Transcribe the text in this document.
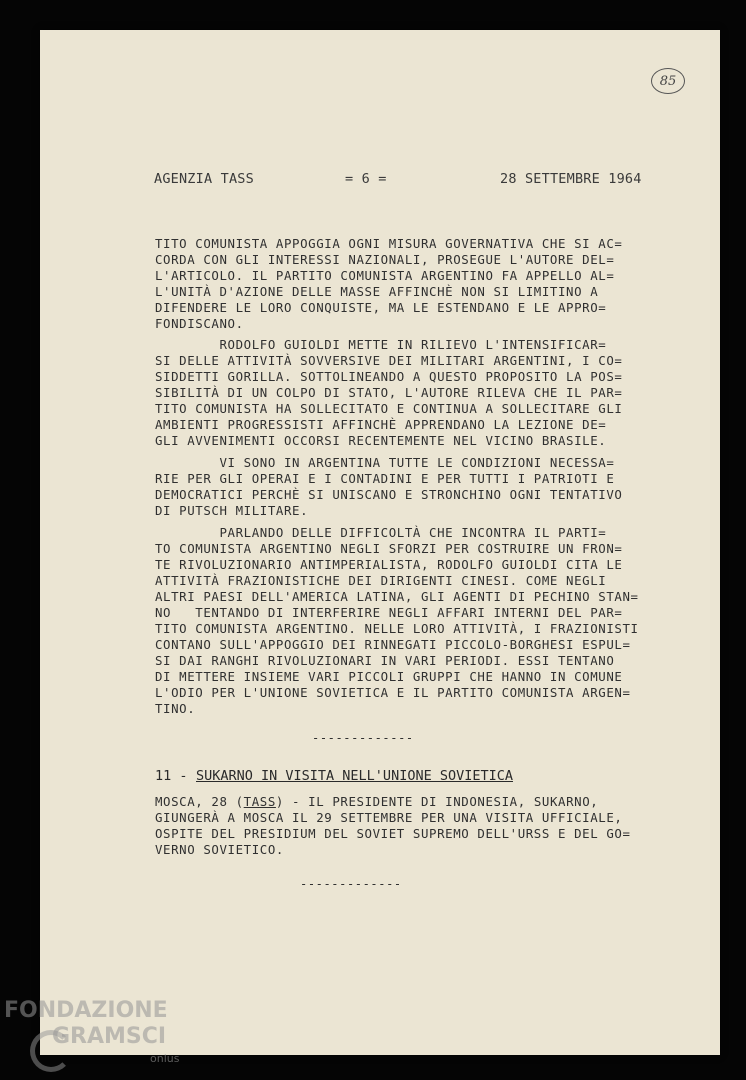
85
AGENZIA TASS	= 6 =	28 SETTEMBRE 1964
TITO COMUNISTA APPOGGIA OGNI MISURA GOVERNATIVA CHE SI AC=
CORDA CON GLI INTERESSI NAZIONALI, PROSEGUE L'AUTORE DEL=
L'ARTICOLO. IL PARTITO COMUNISTA ARGENTINO FA APPELLO AL=
L'UNITÀ D'AZIONE DELLE MASSE AFFINCHÈ NON SI LIMITINO A
DIFENDERE LE LORO CONQUISTE, MA LE ESTENDANO E LE APPRO=
FONDISCANO.
RODOLFO GUIOLDI METTE IN RILIEVO L'INTENSIFICAR=
SI DELLE ATTIVITÀ SOVVERSIVE DEI MILITARI ARGENTINI, I CO=
SIDDETTI GORILLA. SOTTOLINEANDO A QUESTO PROPOSITO LA POS=
SIBILITÀ DI UN COLPO DI STATO, L'AUTORE RILEVA CHE IL PAR=
TITO COMUNISTA HA SOLLECITATO E CONTINUA A SOLLECITARE GLI
AMBIENTI PROGRESSISTI AFFINCHÈ APPRENDANO LA LEZIONE DE=
GLI AVVENIMENTI OCCORSI RECENTEMENTE NEL VICINO BRASILE.
VI SONO IN ARGENTINA TUTTE LE CONDIZIONI NECESSA=
RIE PER GLI OPERAI E I CONTADINI E PER TUTTI I PATRIOTI E
DEMOCRATICI PERCHÈ SI UNISCANO E STRONCHINO OGNI TENTATIVO
DI PUTSCH MILITARE.
PARLANDO DELLE DIFFICOLTÀ CHE INCONTRA IL PARTI=
TO COMUNISTA ARGENTINO NEGLI SFORZI PER COSTRUIRE UN FRON=
TE RIVOLUZIONARIO ANTIMPERIALISTA, RODOLFO GUIOLDI CITA LE
ATTIVITÀ FRAZIONISTICHE DEI DIRIGENTI CINESI. COME NEGLI
ALTRI PAESI DELL'AMERICA LATINA, GLI AGENTI DI PECHINO STAN=
NO   TENTANDO DI INTERFERIRE NEGLI AFFARI INTERNI DEL PAR=
TITO COMUNISTA ARGENTINO. NELLE LORO ATTIVITÀ, I FRAZIONISTI
CONTANO SULL'APPOGGIO DEI RINNEGATI PICCOLO-BORGHESI ESPUL=
SI DAI RANGHI RIVOLUZIONARI IN VARI PERIODI. ESSI TENTANO
DI METTERE INSIEME VARI PICCOLI GRUPPI CHE HANNO IN COMUNE
L'ODIO PER L'UNIONE SOVIETICA E IL PARTITO COMUNISTA ARGEN=
TINO.
-------------
11 - SUKARNO IN VISITA NELL'UNIONE SOVIETICA
MOSCA, 28 (TASS) - IL PRESIDENTE DI INDONESIA, SUKARNO,
GIUNGERÀ A MOSCA IL 29 SETTEMBRE PER UNA VISITA UFFICIALE,
OSPITE DEL PRESIDIUM DEL SOVIET SUPREMO DELL'URSS E DEL GO=
VERNO SOVIETICO.
-------------
FONDAZIONE
GRAMSCI
onlus
